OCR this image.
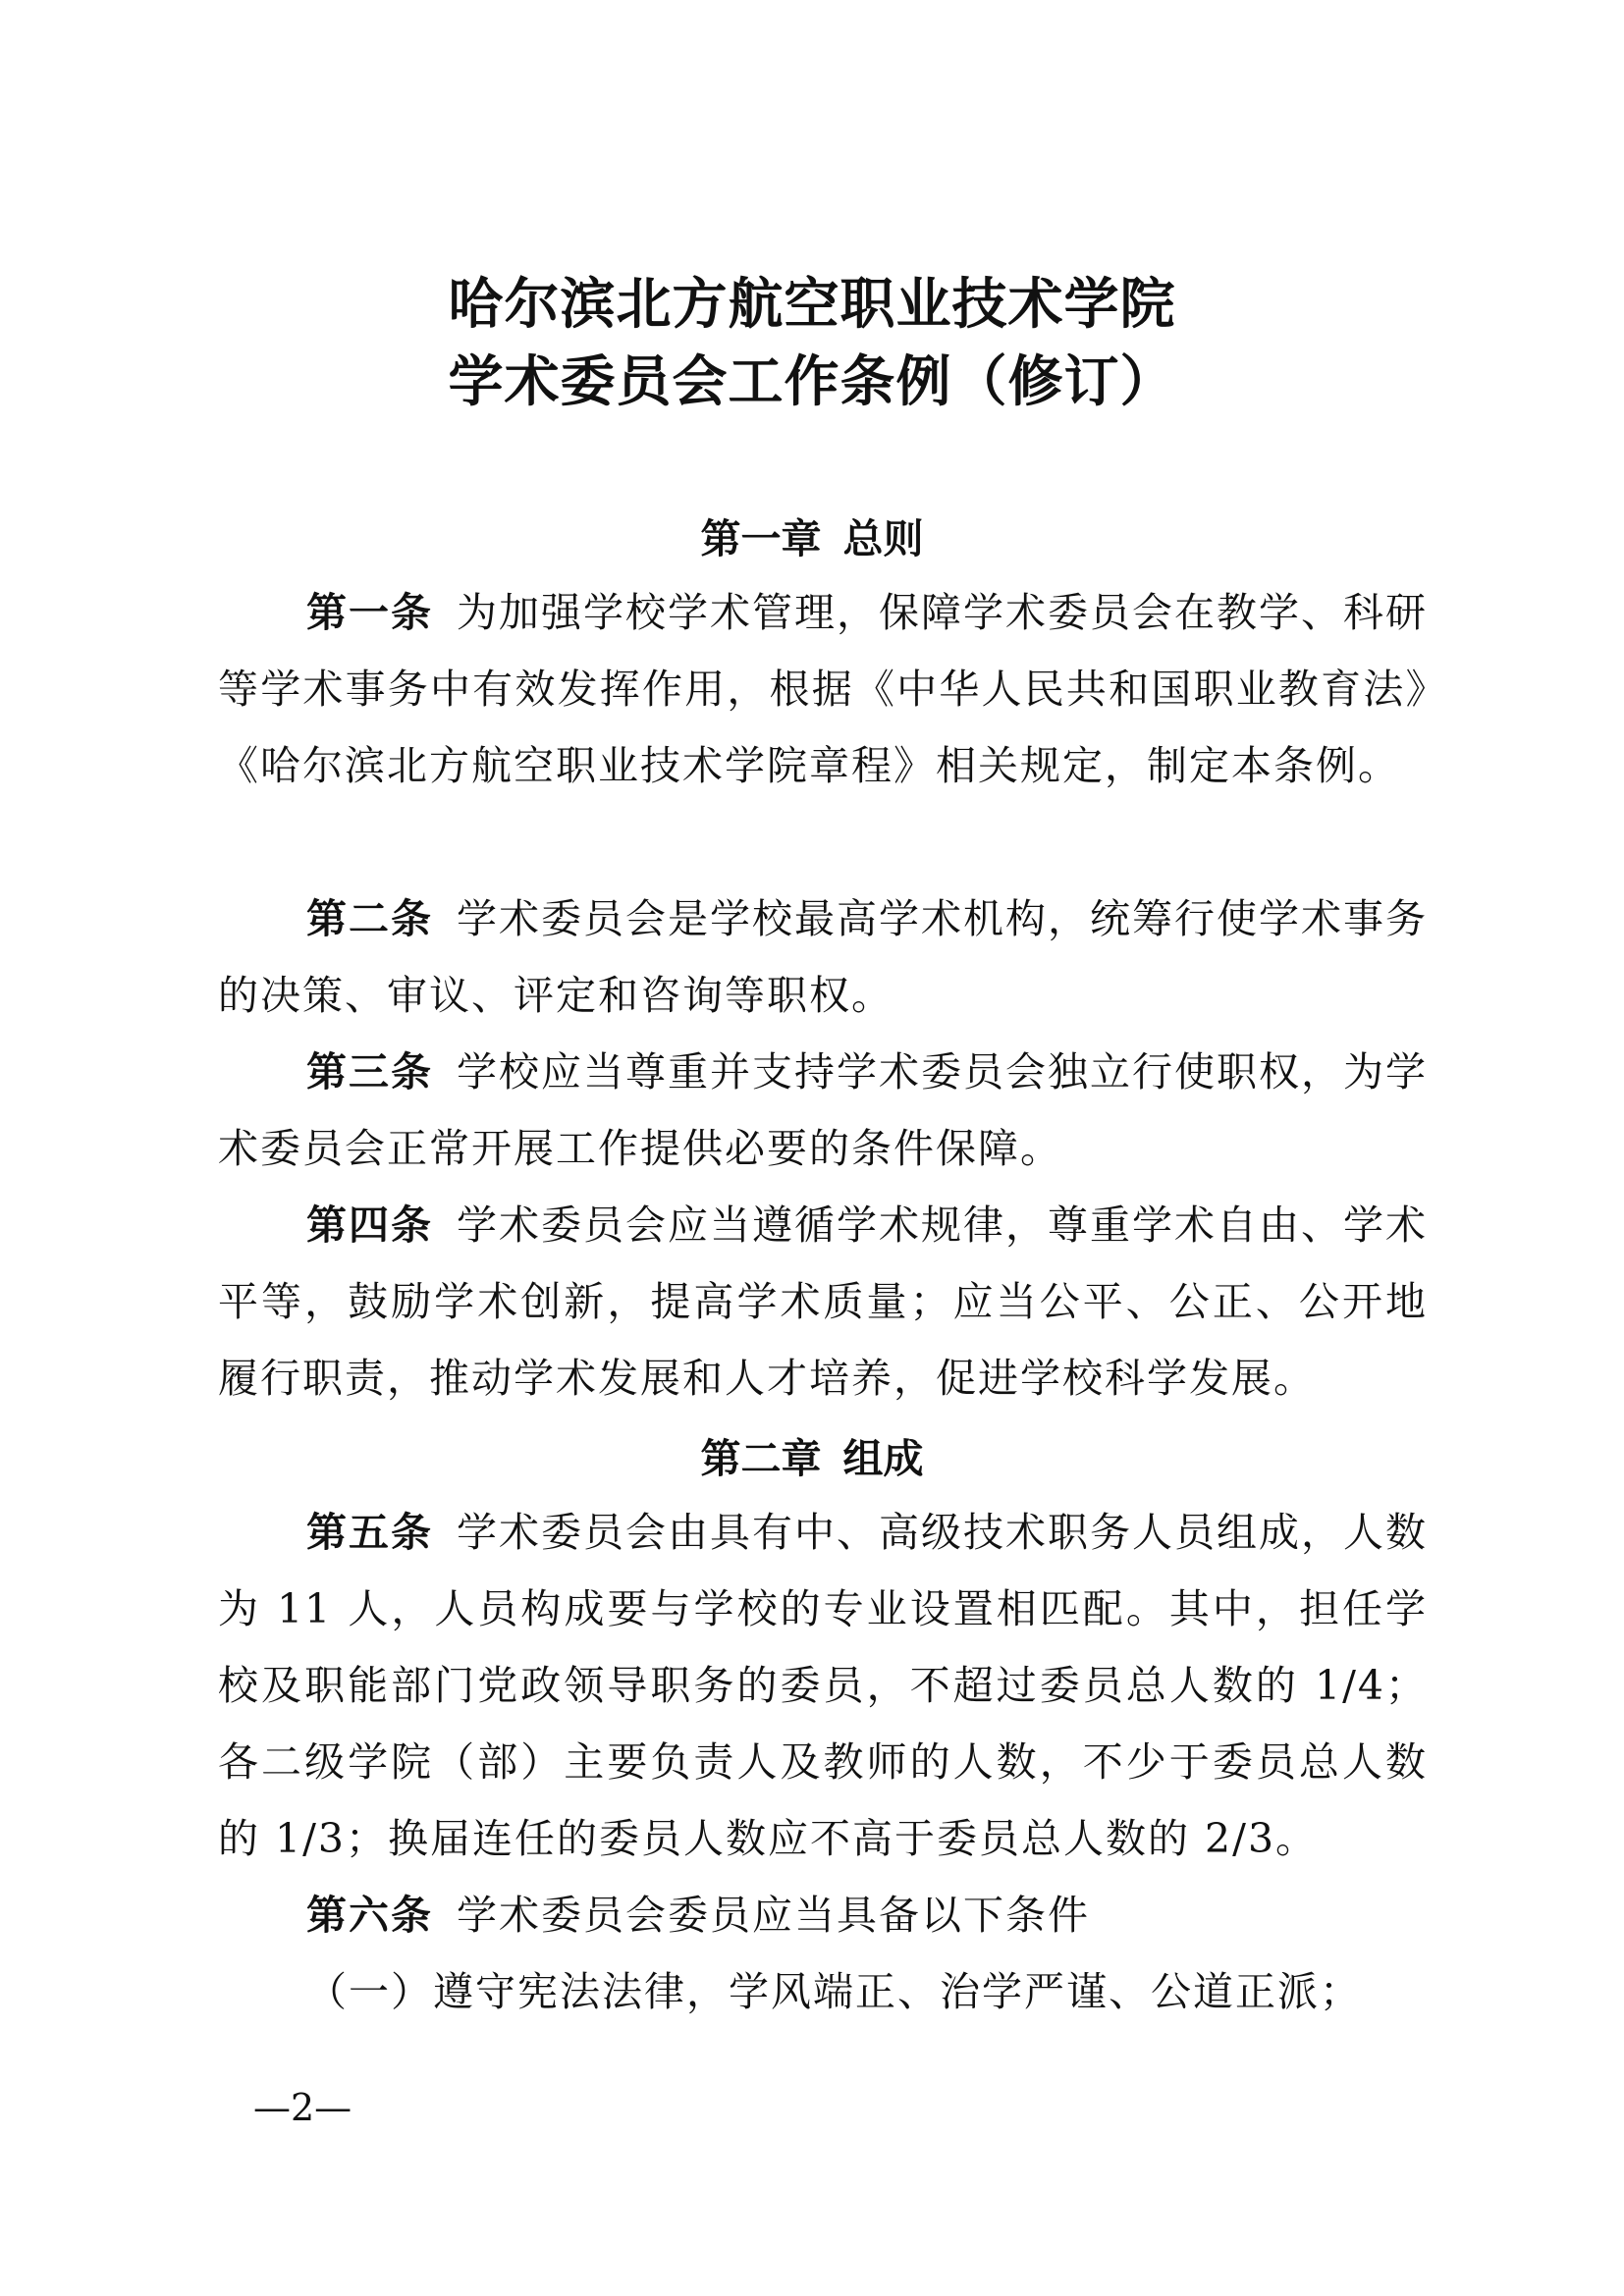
哈尔滨北方航空职业技术学院
学术委员会工作条例（修订）
第一章 总则
第一条 为加强学校学术管理，保障学术委员会在教学、科研等学术事务中有效发挥作用，根据《中华人民共和国职业教育法》《哈尔滨北方航空职业技术学院章程》相关规定，制定本条例。
第二条 学术委员会是学校最高学术机构，统筹行使学术事务的决策、审议、评定和咨询等职权。
第三条 学校应当尊重并支持学术委员会独立行使职权，为学术委员会正常开展工作提供必要的条件保障。
第四条 学术委员会应当遵循学术规律，尊重学术自由、学术平等，鼓励学术创新，提高学术质量；应当公平、公正、公开地履行职责，推动学术发展和人才培养，促进学校科学发展。
第二章 组成
第五条 学术委员会由具有中、高级技术职务人员组成，人数为 11 人，人员构成要与学校的专业设置相匹配。其中，担任学校及职能部门党政领导职务的委员，不超过委员总人数的 1/4；各二级学院（部）主要负责人及教师的人数，不少于委员总人数的 1/3；换届连任的委员人数应不高于委员总人数的 2/3。
第六条 学术委员会委员应当具备以下条件
（一）遵守宪法法律，学风端正、治学严谨、公道正派；
—2—
